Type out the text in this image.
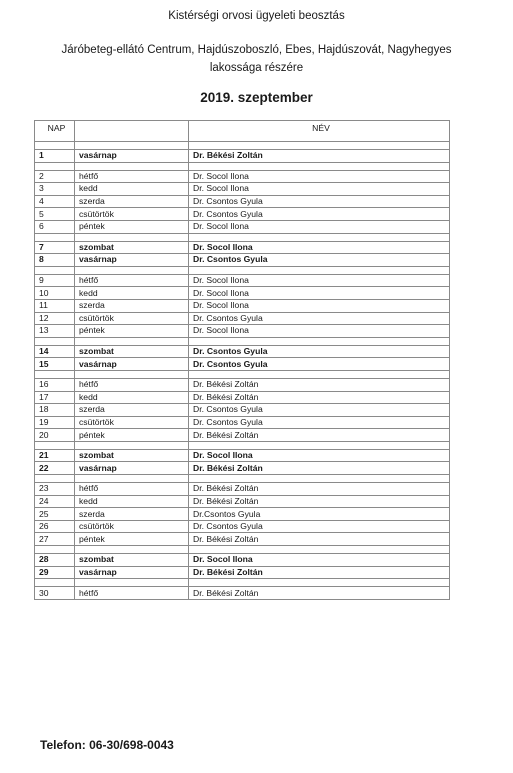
Kistérségi orvosi ügyeleti beosztás
Járóbeteg-ellátó Centrum, Hajdúszoboszló, Ebes, Hajdúszovát, Nagyhegyes
lakossága részére
2019. szeptember
NAP		NÉV

1	vasárnap	Dr. Békési Zoltán

2	hétfő	Dr. Socol Ilona
3	kedd	Dr. Socol Ilona
4	szerda	Dr. Csontos Gyula
5	csütörtök	Dr. Csontos Gyula
6	péntek	Dr. Socol Ilona

7	szombat	Dr. Socol Ilona
8	vasárnap	Dr. Csontos Gyula

9	hétfő	Dr. Socol Ilona
10	kedd	Dr. Socol Ilona
11	szerda	Dr. Socol Ilona
12	csütörtök	Dr. Csontos Gyula
13	péntek	Dr. Socol Ilona

14	szombat	Dr. Csontos Gyula
15	vasárnap	Dr. Csontos Gyula

16	hétfő	Dr. Békési Zoltán
17	kedd	Dr. Békési Zoltán
18	szerda	Dr. Csontos Gyula
19	csütörtök	Dr. Csontos Gyula
20	péntek	Dr. Békési Zoltán

21	szombat	Dr. Socol Ilona
22	vasárnap	Dr. Békési Zoltán

23	hétfő	Dr. Békési Zoltán
24	kedd	Dr. Békési Zoltán
25	szerda	Dr.Csontos Gyula
26	csütörtök	Dr. Csontos Gyula
27	péntek	Dr. Békési Zoltán

28	szombat	Dr. Socol Ilona
29	vasárnap	Dr. Békési Zoltán

30	hétfő	Dr. Békési Zoltán
Telefon: 06-30/698-0043
